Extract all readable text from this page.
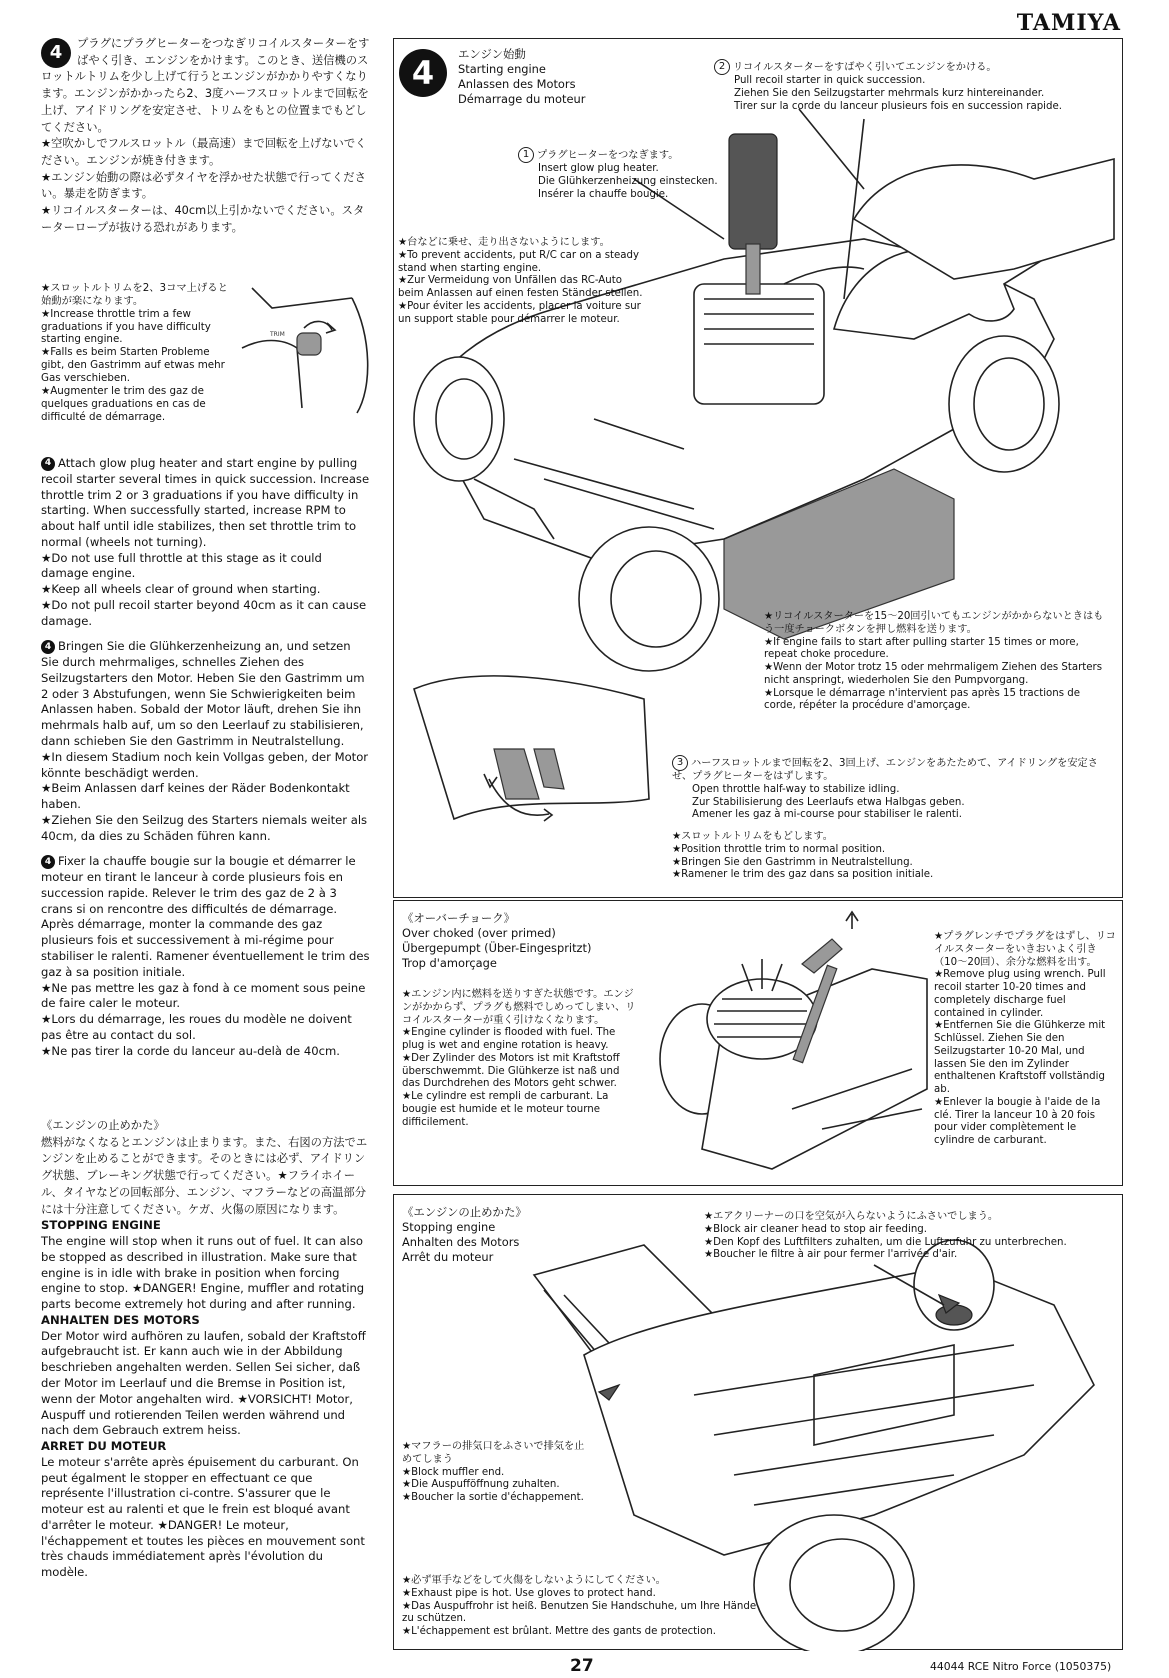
TAMIYA

4	プラグにプラグヒーターをつなぎリコイルスターターをすばやく引き、エンジンをかけます。このとき、送信機のスロットルトリムを少し上げて行うとエンジンがかかりやすくなります。エンジンがかかったら2、3度ハーフスロットルまで回転を上げ、アイドリングを安定させ、トリムをもとの位置までもどしてください。
★空吹かしでフルスロットル（最高速）まで回転を上げないでください。エンジンが焼き付きます。
★エンジン始動の際は必ずタイヤを浮かせた状態で行ってください。暴走を防ぎます。
★リコイルスターターは、40cm以上引かないでください。スターターロープが抜ける恐れがあります。

★スロットルトリムを2、3コマ上げると始動が楽になります。
★Increase throttle trim a few graduations if you have difficulty starting engine.
★Falls es beim Starten Probleme gibt, den Gastrimm auf etwas mehr Gas verschieben.
★Augmenter le trim des gaz de quelques graduations en cas de difficulté de démarrage.
TRIM

4 Attach glow plug heater and start engine by pulling recoil starter several times in quick succession. Increase throttle trim 2 or 3 graduations if you have difficulty in starting. When successfully started, increase RPM to about half until idle stabilizes, then set throttle trim to normal (wheels not turning).
★Do not use full throttle at this stage as it could damage engine.
★Keep all wheels clear of ground when starting.
★Do not pull recoil starter beyond 40cm as it can cause damage.

4 Bringen Sie die Glühkerzenheizung an, und setzen Sie durch mehrmaliges, schnelles Ziehen des Seilzugstarters den Motor. Heben Sie den Gastrimm um 2 oder 3 Abstufungen, wenn Sie Schwierigkeiten beim Anlassen haben. Sobald der Motor läuft, drehen Sie ihn mehrmals halb auf, um so den Leerlauf zu stabilisieren, dann schieben Sie den Gastrimm in Neutralstellung.
★In diesem Stadium noch kein Vollgas geben, der Motor könnte beschädigt werden.
★Beim Anlassen darf keines der Räder Bodenkontakt haben.
★Ziehen Sie den Seilzug des Starters niemals weiter als 40cm, da dies zu Schäden führen kann.

4 Fixer la chauffe bougie sur la bougie et démarrer le moteur en tirant le lanceur à corde plusieurs fois en succession rapide. Relever le trim des gaz de 2 à 3 crans si on rencontre des difficultés de démarrage. Après démarrage, monter la commande des gaz plusieurs fois et successivement à mi-régime pour stabiliser le ralenti. Ramener éventuellement le trim des gaz à sa position initiale.
★Ne pas mettre les gaz à fond à ce moment sous peine de faire caler le moteur.
★Lors du démarrage, les roues du modèle ne doivent pas être au contact du sol.
★Ne pas tirer la corde du lanceur au-delà de 40cm.

《エンジンの止めかた》
燃料がなくなるとエンジンは止まります。また、右図の方法でエンジンを止めることができます。そのときには必ず、アイドリング状態、ブレーキング状態で行ってください。★フライホイール、タイヤなどの回転部分、エンジン、マフラーなどの高温部分には十分注意してください。ケガ、火傷の原因になります。
STOPPING ENGINE
The engine will stop when it runs out of fuel. It can also be stopped as described in illustration. Make sure that engine is in idle with brake in position when forcing engine to stop. ★DANGER! Engine, muffler and rotating parts become extremely hot during and after running.
ANHALTEN DES MOTORS
Der Motor wird aufhören zu laufen, sobald der Kraftstoff aufgebraucht ist. Er kann auch wie in der Abbildung beschrieben angehalten werden. Sellen Sei sicher, daß der Motor im Leerlauf und die Bremse in Position ist, wenn der Motor angehalten wird. ★VORSICHT! Motor, Auspuff und rotierenden Teilen werden während und nach dem Gebrauch extrem heiss.
ARRET DU MOTEUR
Le moteur s'arrête après épuisement du carburant. On peut égalment le stopper en effectuant ce que représente l'illustration ci-contre. S'assurer que le moteur est au ralenti et que le frein est bloqué avant d'arrêter le moteur. ★DANGER! Le moteur, l'échappement et toutes les pièces en mouvement sont très chauds immédiatement après l'évolution du modèle.
4	エンジン始動
Starting engine
Anlassen des Motors
Démarrage du moteur
2 リコイルスターターをすばやく引いてエンジンをかける。
Pull recoil starter in quick succession.
Ziehen Sie den Seilzugstarter mehrmals kurz hintereinander.
Tirer sur la corde du lanceur plusieurs fois en succession rapide.
1 プラグヒーターをつなぎます。
Insert glow plug heater.
Die Glühkerzenheizung einstecken.
Insérer la chauffe bougie.
★台などに乗せ、走り出さないようにします。
★To prevent accidents, put R/C car on a steady stand when starting engine.
★Zur Vermeidung von Unfällen das RC-Auto beim Anlassen auf einen festen Ständer stellen.
★Pour éviter les accidents, placer la voiture sur un support stable pour démarrer le moteur.
★リコイルスターターを15〜20回引いてもエンジンがかからないときはもう一度チョークボタンを押し燃料を送ります。
★If engine fails to start after pulling starter 15 times or more, repeat choke procedure.
★Wenn der Motor trotz 15 oder mehrmaligem Ziehen des Starters nicht anspringt, wiederholen Sie den Pumpvorgang.
★Lorsque le démarrage n'intervient pas après 15 tractions de corde, répéter la procédure d'amorçage.
3 ハーフスロットルまで回転を2、3回上げ、エンジンをあたためて、アイドリングを安定させ、プラグヒーターをはずします。
Open throttle half-way to stabilize idling.
Zur Stabilisierung des Leerlaufs etwa Halbgas geben.
Amener les gaz à mi-course pour stabiliser le ralenti.
★スロットルトリムをもどします。
★Position throttle trim to normal position.
★Bringen Sie den Gastrimm in Neutralstellung.
★Ramener le trim des gaz dans sa position initiale.
《オーバーチョーク》
Over choked (over primed)
Übergepumpt (Über-Eingespritzt)
Trop d'amorçage
★エンジン内に燃料を送りすぎた状態です。エンジンがかからず、プラグも燃料でしめってしまい、リコイルスターターが重く引けなくなります。
★Engine cylinder is flooded with fuel. The plug is wet and engine rotation is heavy.
★Der Zylinder des Motors ist mit Kraftstoff überschwemmt. Die Glühkerze ist naß und das Durchdrehen des Motors geht schwer.
★Le cylindre est rempli de carburant. La bougie est humide et le moteur tourne difficilement.
★プラグレンチでプラグをはずし、リコイルスターターをいきおいよく引き（10〜20回）、余分な燃料を出す。
★Remove plug using wrench. Pull recoil starter 10-20 times and completely discharge fuel contained in cylinder.
★Entfernen Sie die Glühkerze mit Schlüssel. Ziehen Sie den Seilzugstarter 10-20 Mal, und lassen Sie den im Zylinder enthaltenen Kraftstoff vollständig ab.
★Enlever la bougie à l'aide de la clé. Tirer la lanceur 10 à 20 fois pour vider complètement le cylindre de carburant.
《エンジンの止めかた》
Stopping engine
Anhalten des Motors
Arrêt du moteur
★エアクリーナーの口を空気が入らないようにふさいでしまう。
★Block air cleaner head to stop air feeding.
★Den Kopf des Luftfilters zuhalten, um die Luftzufuhr zu unterbrechen.
★Boucher le filtre à air pour fermer l'arrivée d'air.
★マフラーの排気口をふさいで排気を止めてしまう
★Block muffler end.
★Die Auspufföffnung zuhalten.
★Boucher la sortie d'échappement.
★必ず軍手などをして火傷をしないようにしてください。
★Exhaust pipe is hot. Use gloves to protect hand.
★Das Auspuffrohr ist heiß. Benutzen Sie Handschuhe, um Ihre Hände zu schützen.
★L'échappement est brûlant. Mettre des gants de protection.
27	44044 RCE Nitro Force (1050375)
